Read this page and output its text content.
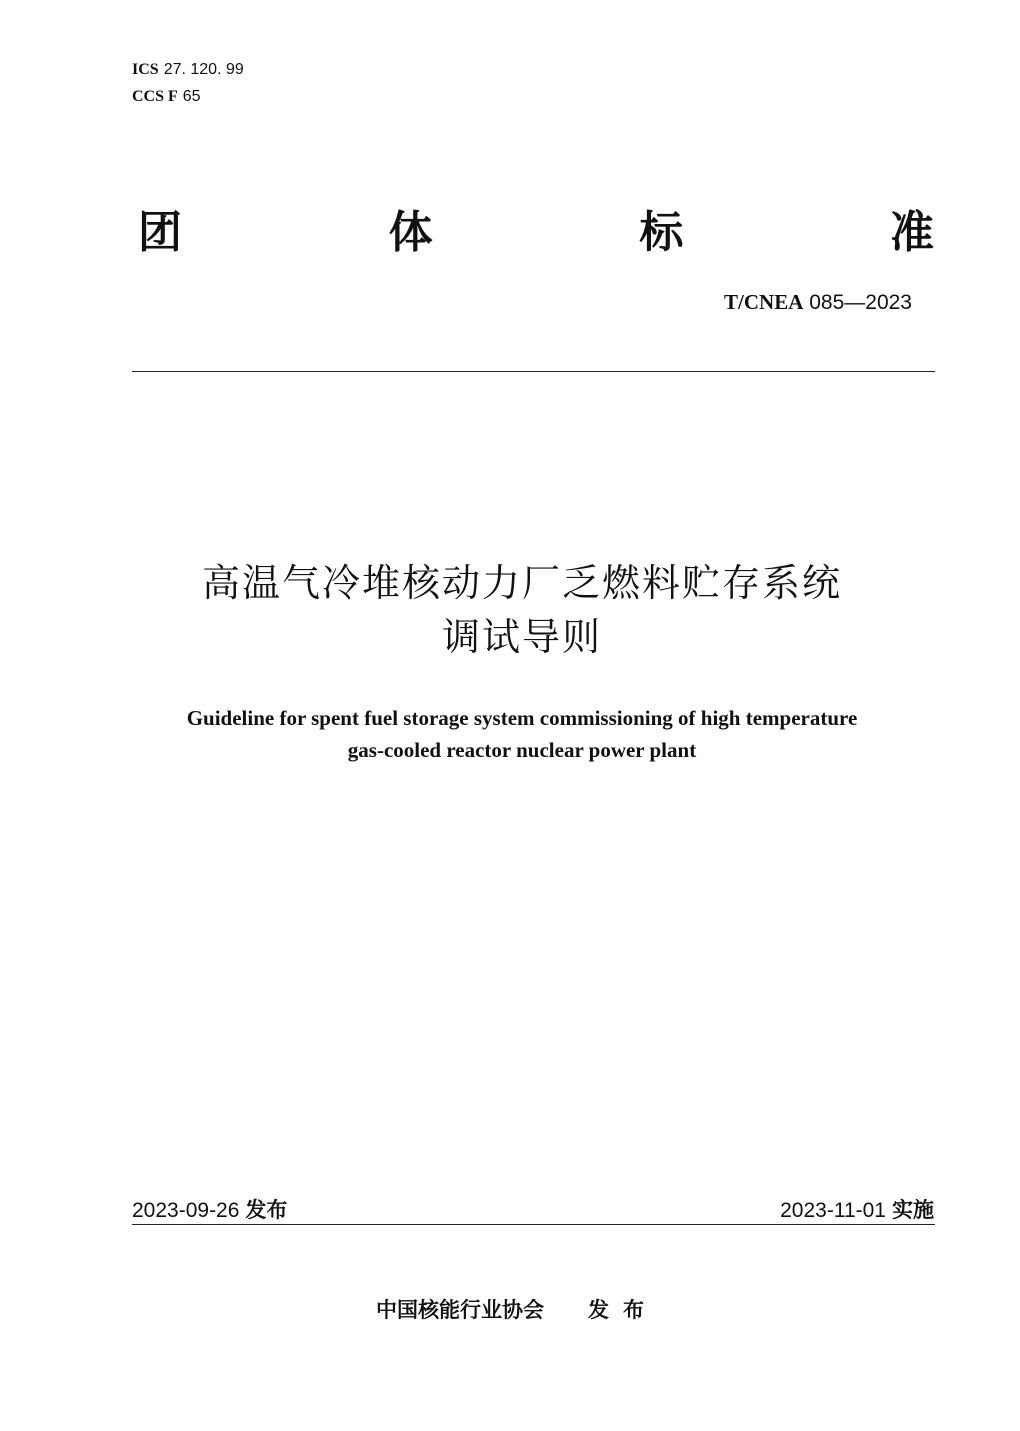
ICS 27. 120. 99
CCS F 65
团	体	标	准
T/CNEA 085—2023
高温气冷堆核动力厂乏燃料贮存系统
调试导则
Guideline for spent fuel storage system commissioning of high temperature
gas-cooled reactor nuclear power plant
2023-09-26 发布	2023-11-01 实施
中国核能行业协会 发布
